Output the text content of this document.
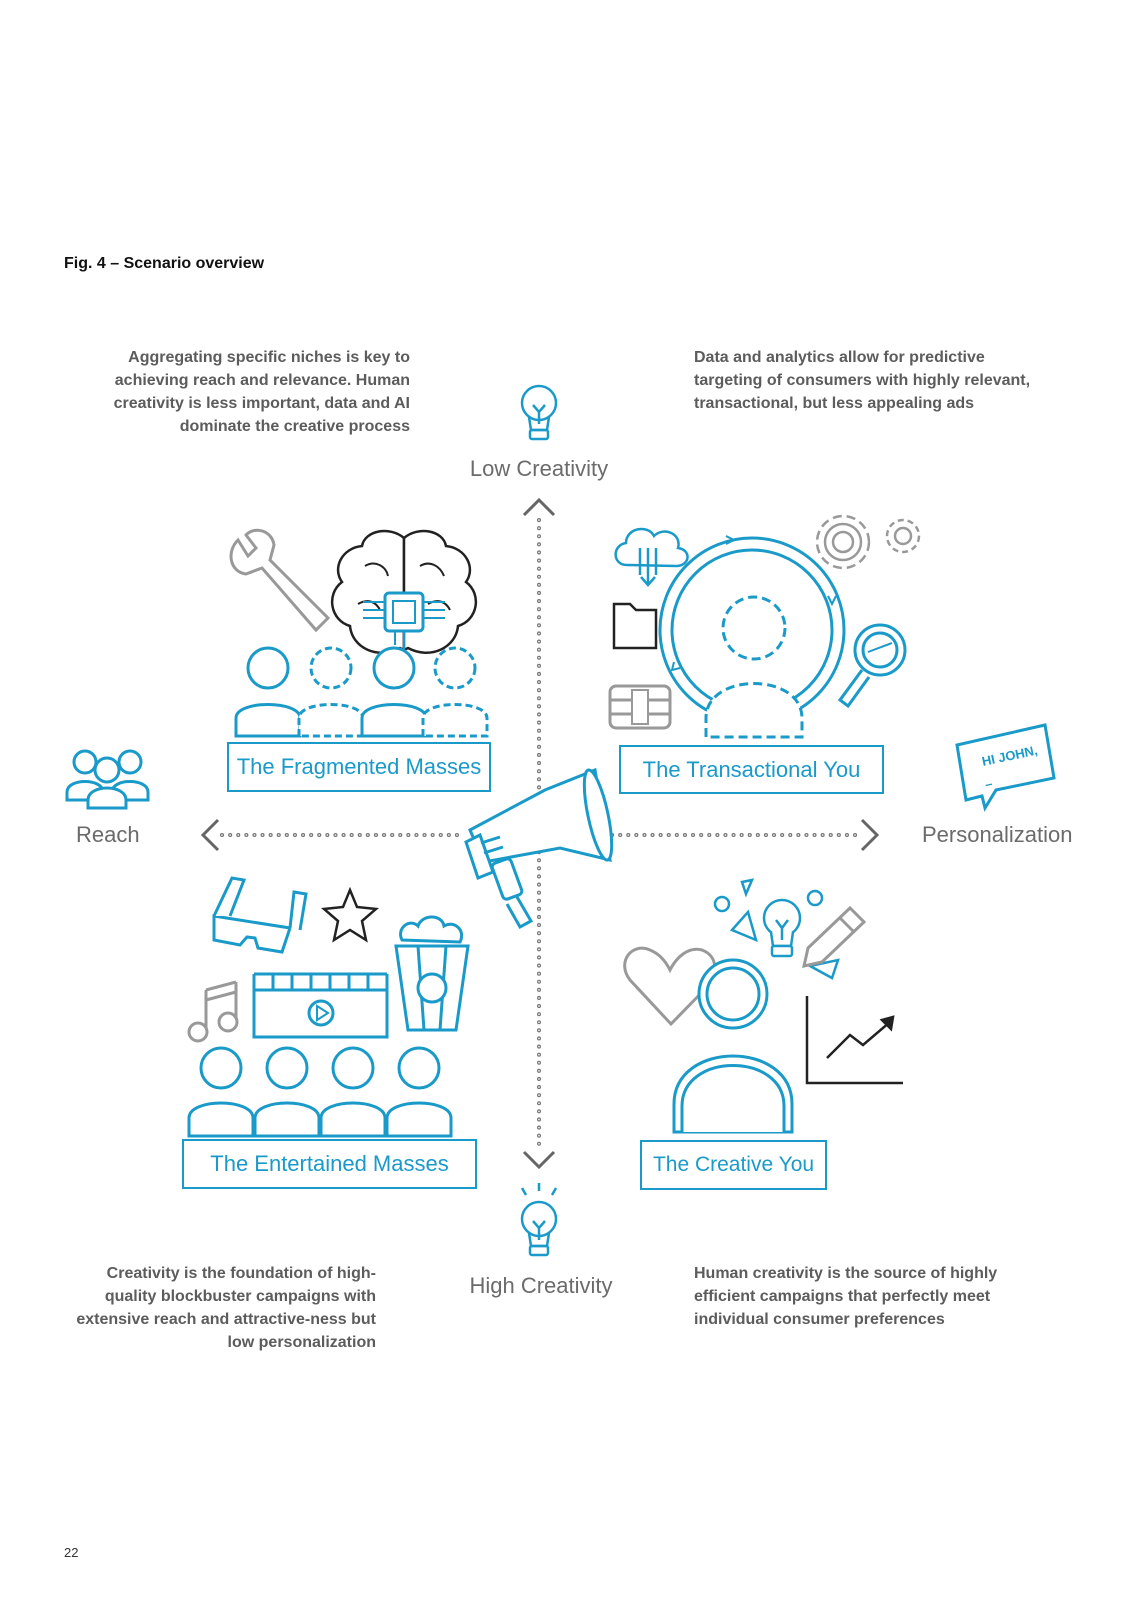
Fig. 4 – Scenario overview
Aggregating specific niches is key to achieving reach and relevance. Human creativity is less important, data and AI dominate the creative process
Data and analytics allow for predictive targeting of consumers with highly relevant, transactional, but less appealing ads
Creativity is the foundation of high-quality blockbuster campaigns with extensive reach and attractive-ness but low personalization
Human creativity is the source of highly efficient campaigns that perfectly meet individual consumer preferences
HI JOHN,
–
Low Creativity
High Creativity
Reach	Personalization
The Fragmented Masses	The Transactional You
The Entertained Masses	The Creative You
22
